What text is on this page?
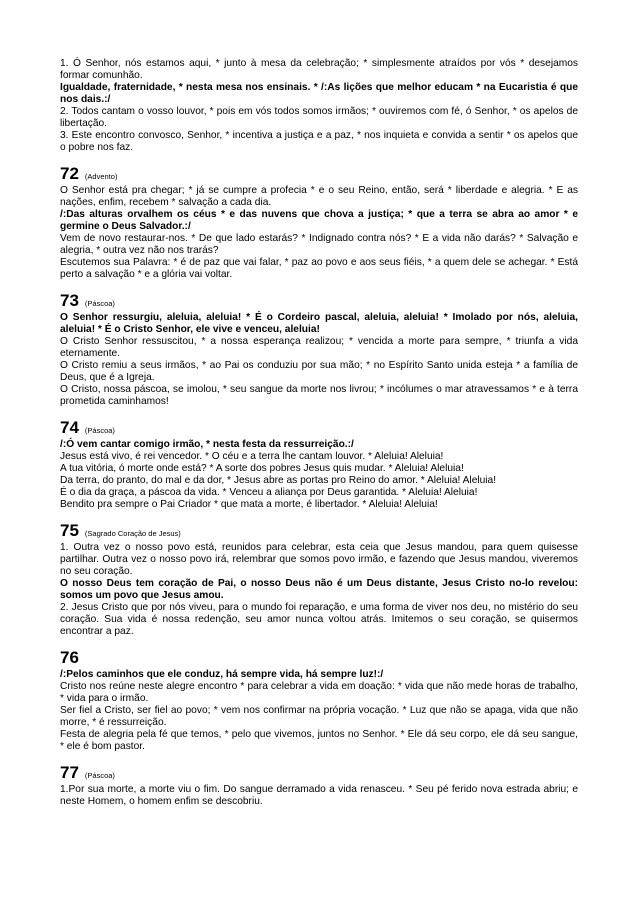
1. Ó Senhor, nós estamos aqui, * junto à mesa da celebração; * simplesmente atraídos por vós * desejamos formar comunhão.

Igualdade, fraternidade, * nesta mesa nos ensinais. * /:As lições que melhor educam * na Eucaristia é que nos dais.:/

2. Todos cantam o vosso louvor, * pois em vós todos somos irmãos; * ouviremos com fé, ó Senhor, * os apelos de libertação.

3. Este encontro convosco, Senhor, * incentiva a justiça e a paz, * nos inquieta e convida a sentir * os apelos que o pobre nos faz.

72 (Advento)

O Senhor está pra chegar; * já se cumpre a profecia * e o seu Reino, então, será * liberdade e alegria. * E as nações, enfim, recebem * salvação a cada dia.

/:Das alturas orvalhem os céus * e das nuvens que chova a justiça; * que a terra se abra ao amor * e germine o Deus Salvador.:/

Vem de novo restaurar-nos. * De que lado estarás? * Indignado contra nós? * E a vida não darás? * Salvação e alegria, * outra vez não nos trarás?

Escutemos sua Palavra: * é de paz que vai falar, * paz ao povo e aos seus fiéis, * a quem dele se achegar. * Está perto a salvação * e a glória vai voltar.

73 (Páscoa)

O Senhor ressurgiu, aleluia, aleluia! * É o Cordeiro pascal, aleluia, aleluia! * Imolado por nós, aleluia, aleluia! * É o Cristo Senhor, ele vive e venceu, aleluia!

O Cristo Senhor ressuscitou, * a nossa esperança realizou; * vencida a morte para sempre, * triunfa a vida eternamente.

O Cristo remiu a seus irmãos, * ao Pai os conduziu por sua mão; * no Espírito Santo unida esteja * a família de Deus, que é a Igreja.

O Cristo, nossa páscoa, se imolou, * seu sangue da morte nos livrou; * incólumes o mar atravessamos * e à terra prometida caminhamos!

74 (Páscoa)

/:Ó vem cantar comigo irmão, * nesta festa da ressurreição.:/

Jesus está vivo, é rei vencedor. * O céu e a terra lhe cantam louvor. * Aleluia! Aleluia!

A tua vitória, ó morte onde está? * A sorte dos pobres Jesus quis mudar. * Aleluia! Aleluia!

Da terra, do pranto, do mal e da dor, * Jesus abre as portas pro Reino do amor. * Aleluia! Aleluia!

É o dia da graça, a páscoa da vida. * Venceu a aliança por Deus garantida. * Aleluia! Aleluia!

Bendito pra sempre o Pai Criador * que mata a morte, é libertador. * Aleluia! Aleluia!

75 (Sagrado Coração de Jesus)

1. Outra vez o nosso povo está, reunidos para celebrar, esta ceia que Jesus mandou, para quem quisesse partilhar. Outra vez o nosso povo irá, relembrar que somos povo irmão, e fazendo que Jesus mandou, viveremos no seu coração.

O nosso Deus tem coração de Pai, o nosso Deus não é um Deus distante, Jesus Cristo no-lo revelou: somos um povo que Jesus amou.

2. Jesus Cristo que por nós viveu, para o mundo foi reparação, e uma forma de viver nos deu, no mistério do seu coração. Sua vida é nossa redenção, seu amor nunca voltou atrás. Imitemos o seu coração, se quisermos encontrar a paz.

76

/:Pelos caminhos que ele conduz, há sempre vida, há sempre luz!:/

Cristo nos reúne neste alegre encontro * para celebrar a vida em doação: * vida que não mede horas de trabalho, * vida para o irmão.

Ser fiel a Cristo, ser fiel ao povo; * vem nos confirmar na própria vocação. * Luz que não se apaga, vida que não morre, * é ressurreição.

Festa de alegria pela fé que temos, * pelo que vivemos, juntos no Senhor. * Ele dá seu corpo, ele dá seu sangue, * ele é bom pastor.

77 (Páscoa)

1.Por sua morte, a morte viu o fim. Do sangue derramado a vida renasceu. * Seu pé ferido nova estrada abriu; e neste Homem, o homem enfim se descobriu.
